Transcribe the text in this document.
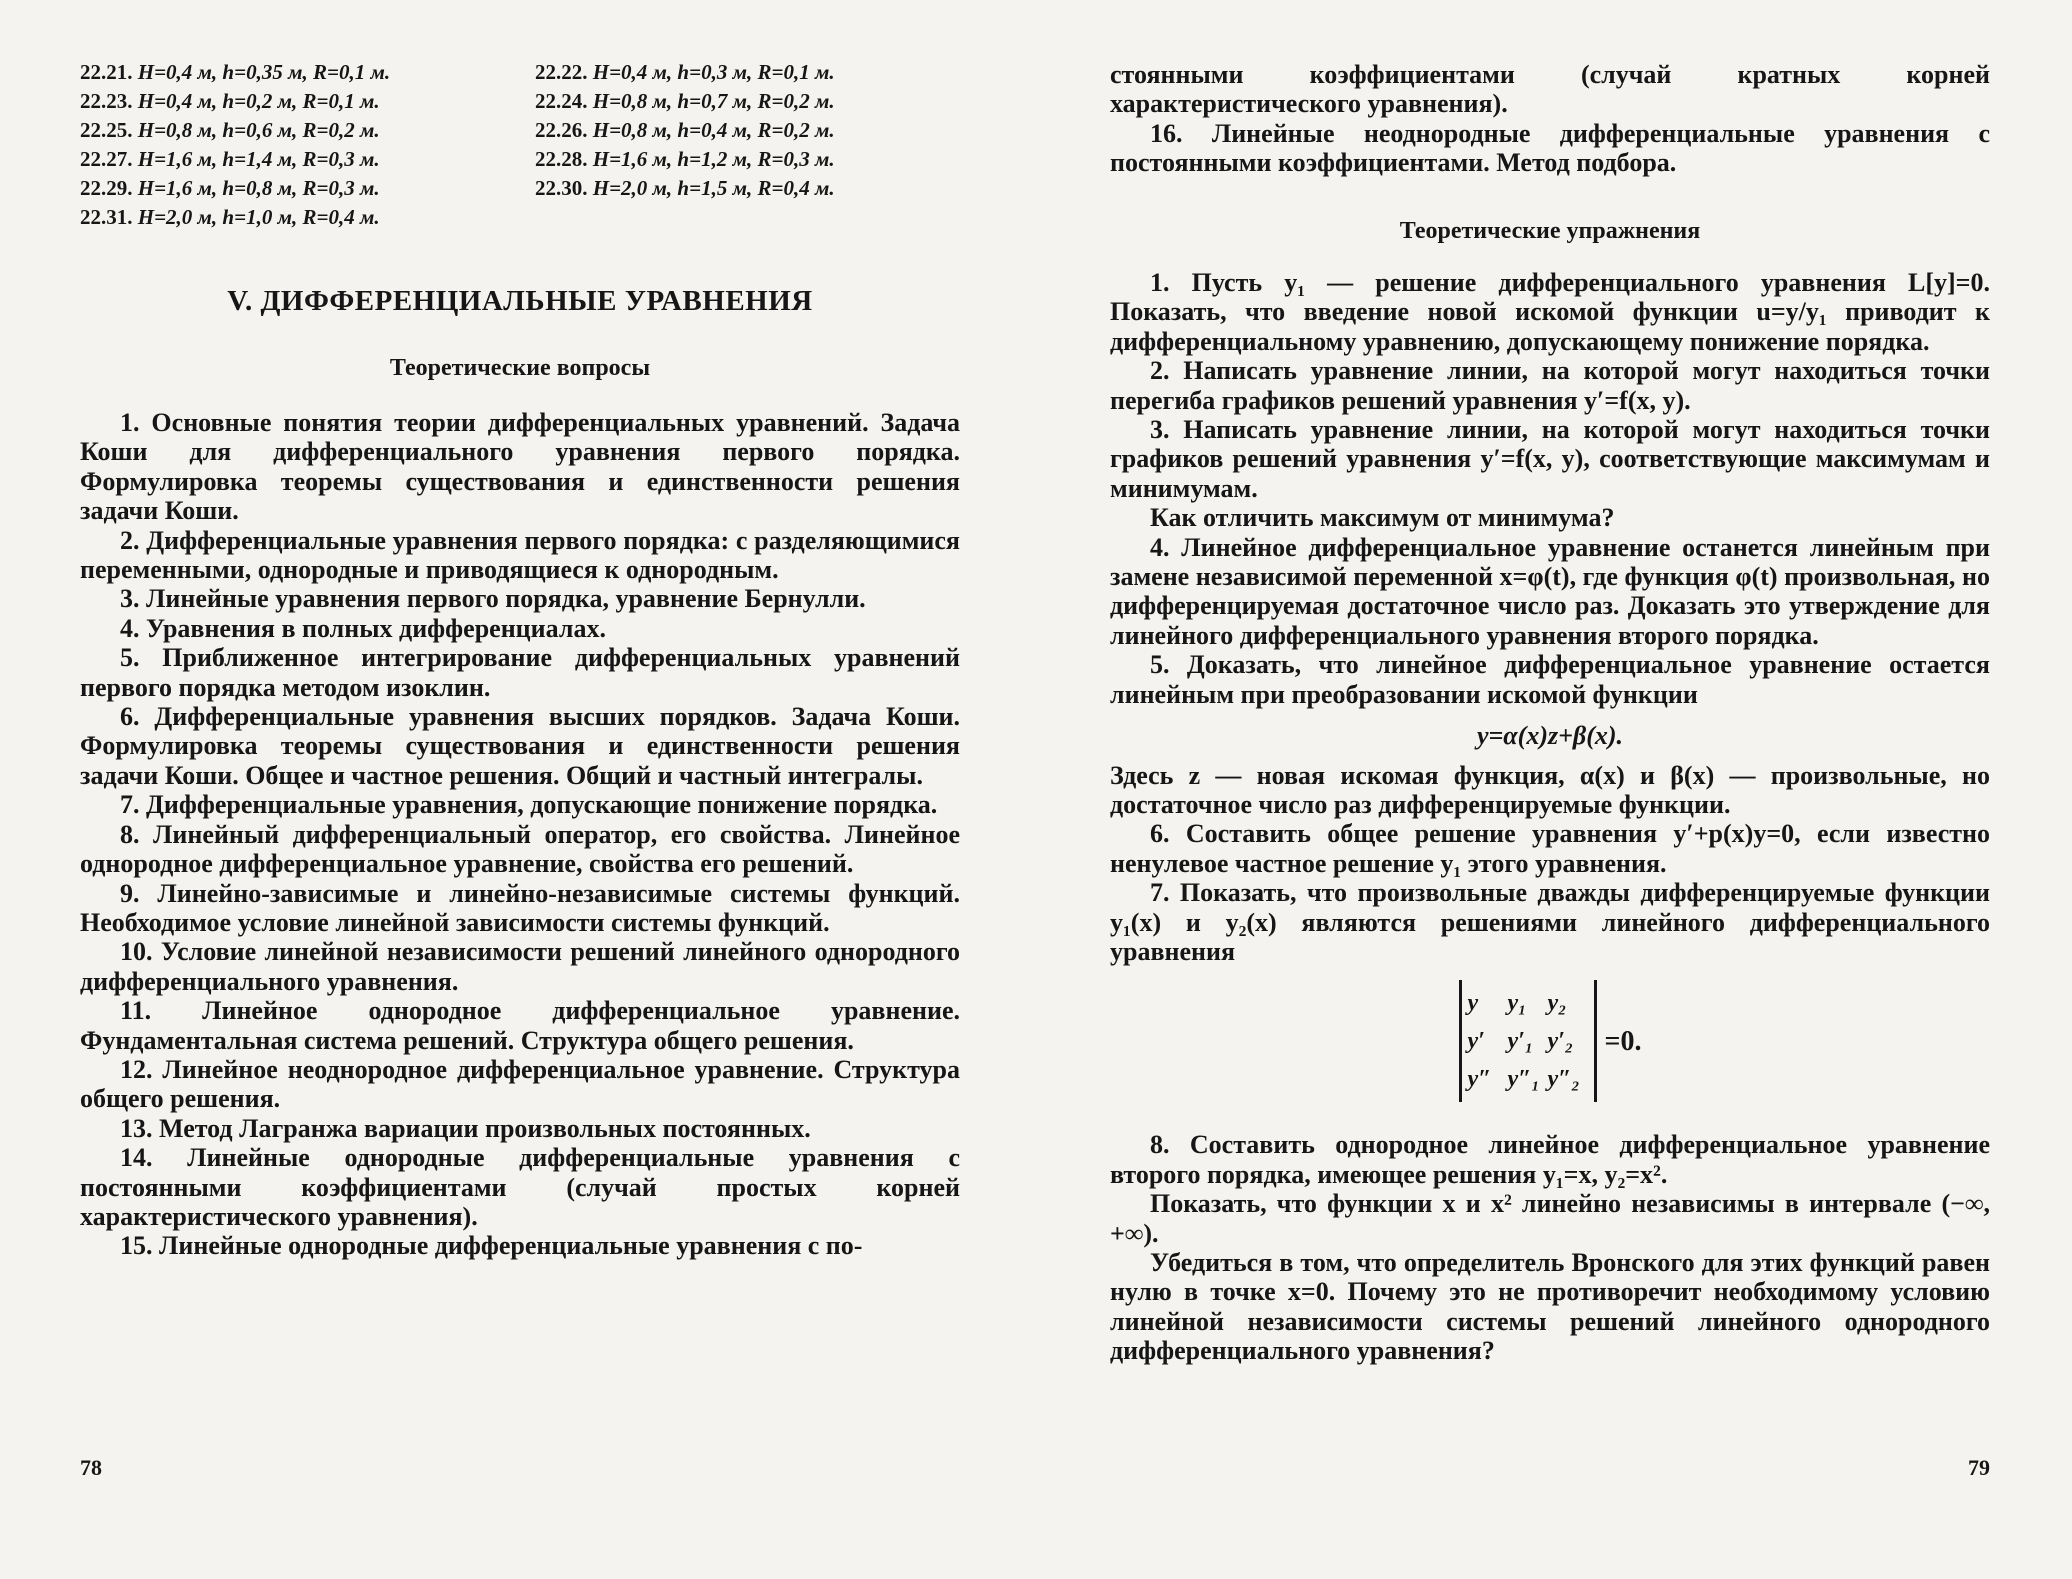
22.21. H=0,4 м, h=0,35 м, R=0,1 м.	22.22. H=0,4 м, h=0,3 м, R=0,1 м.
22.23. H=0,4 м, h=0,2 м, R=0,1 м.	22.24. H=0,8 м, h=0,7 м, R=0,2 м.
22.25. H=0,8 м, h=0,6 м, R=0,2 м.	22.26. H=0,8 м, h=0,4 м, R=0,2 м.
22.27. H=1,6 м, h=1,4 м, R=0,3 м.	22.28. H=1,6 м, h=1,2 м, R=0,3 м.
22.29. H=1,6 м, h=0,8 м, R=0,3 м.	22.30. H=2,0 м, h=1,5 м, R=0,4 м.
22.31. H=2,0 м, h=1,0 м, R=0,4 м.
V. ДИФФЕРЕНЦИАЛЬНЫЕ УРАВНЕНИЯ
Теоретические вопросы

1. Основные понятия теории дифференциальных уравнений. Задача Коши для дифференциального уравнения первого порядка. Формулировка теоремы существования и единственности решения задачи Коши.

2. Дифференциальные уравнения первого порядка: с разделяющимися переменными, однородные и приводящиеся к однородным.

3. Линейные уравнения первого порядка, уравнение Бернулли.

4. Уравнения в полных дифференциалах.

5. Приближенное интегрирование дифференциальных уравнений первого порядка методом изоклин.

6. Дифференциальные уравнения высших порядков. Задача Коши. Формулировка теоремы существования и единственности решения задачи Коши. Общее и частное решения. Общий и частный интегралы.

7. Дифференциальные уравнения, допускающие понижение порядка.

8. Линейный дифференциальный оператор, его свойства. Линейное однородное дифференциальное уравнение, свойства его решений.

9. Линейно-зависимые и линейно-независимые системы функций. Необходимое условие линейной зависимости системы функций.

10. Условие линейной независимости решений линейного однородного дифференциального уравнения.

11. Линейное однородное дифференциальное уравнение. Фундаментальная система решений. Структура общего решения.

12. Линейное неоднородное дифференциальное уравнение. Структура общего решения.

13. Метод Лагранжа вариации произвольных постоянных.

14. Линейные однородные дифференциальные уравнения с постоянными коэффициентами (случай простых корней характеристического уравнения).

15. Линейные однородные дифференциальные уравнения с по-

78

стоянными коэффициентами (случай кратных корней характеристического уравнения).

16. Линейные неоднородные дифференциальные уравнения с постоянными коэффициентами. Метод подбора.

Теоретические упражнения

1. Пусть y₁ — решение дифференциального уравнения L[y]=0. Показать, что введение новой искомой функции u=y/y₁ приводит к дифференциальному уравнению, допускающему понижение порядка.

2. Написать уравнение линии, на которой могут находиться точки перегиба графиков решений уравнения y′=f(x, y).

3. Написать уравнение линии, на которой могут находиться точки графиков решений уравнения y′=f(x, y), соответствующие максимумам и минимумам.

Как отличить максимум от минимума?

4. Линейное дифференциальное уравнение останется линейным при замене независимой переменной x=φ(t), где функция φ(t) произвольная, но дифференцируемая достаточное число раз. Доказать это утверждение для линейного дифференциального уравнения второго порядка.

5. Доказать, что линейное дифференциальное уравнение остается линейным при преобразовании искомой функции

y=α(x)z+β(x).

Здесь z — новая искомая функция, α(x) и β(x) — произвольные, но достаточное число раз дифференцируемые функции.

6. Составить общее решение уравнения y′+p(x)y=0, если известно ненулевое частное решение y₁ этого уравнения.

7. Показать, что произвольные дважды дифференцируемые функции y₁(x) и y₂(x) являются решениями линейного дифференциального уравнения

y	y₁ y₂
y′ y′₁ y′₂
y″ y″₁ y″₂
=0.

8. Составить однородное линейное дифференциальное уравнение второго порядка, имеющее решения y₁=x, y₂=x².

Показать, что функции x и x² линейно независимы в интервале (−∞, +∞).

Убедиться в том, что определитель Вронского для этих функций равен нулю в точке x=0. Почему это не противоречит необходимому условию линейной независимости системы решений линейного однородного дифференциального уравнения?

79
